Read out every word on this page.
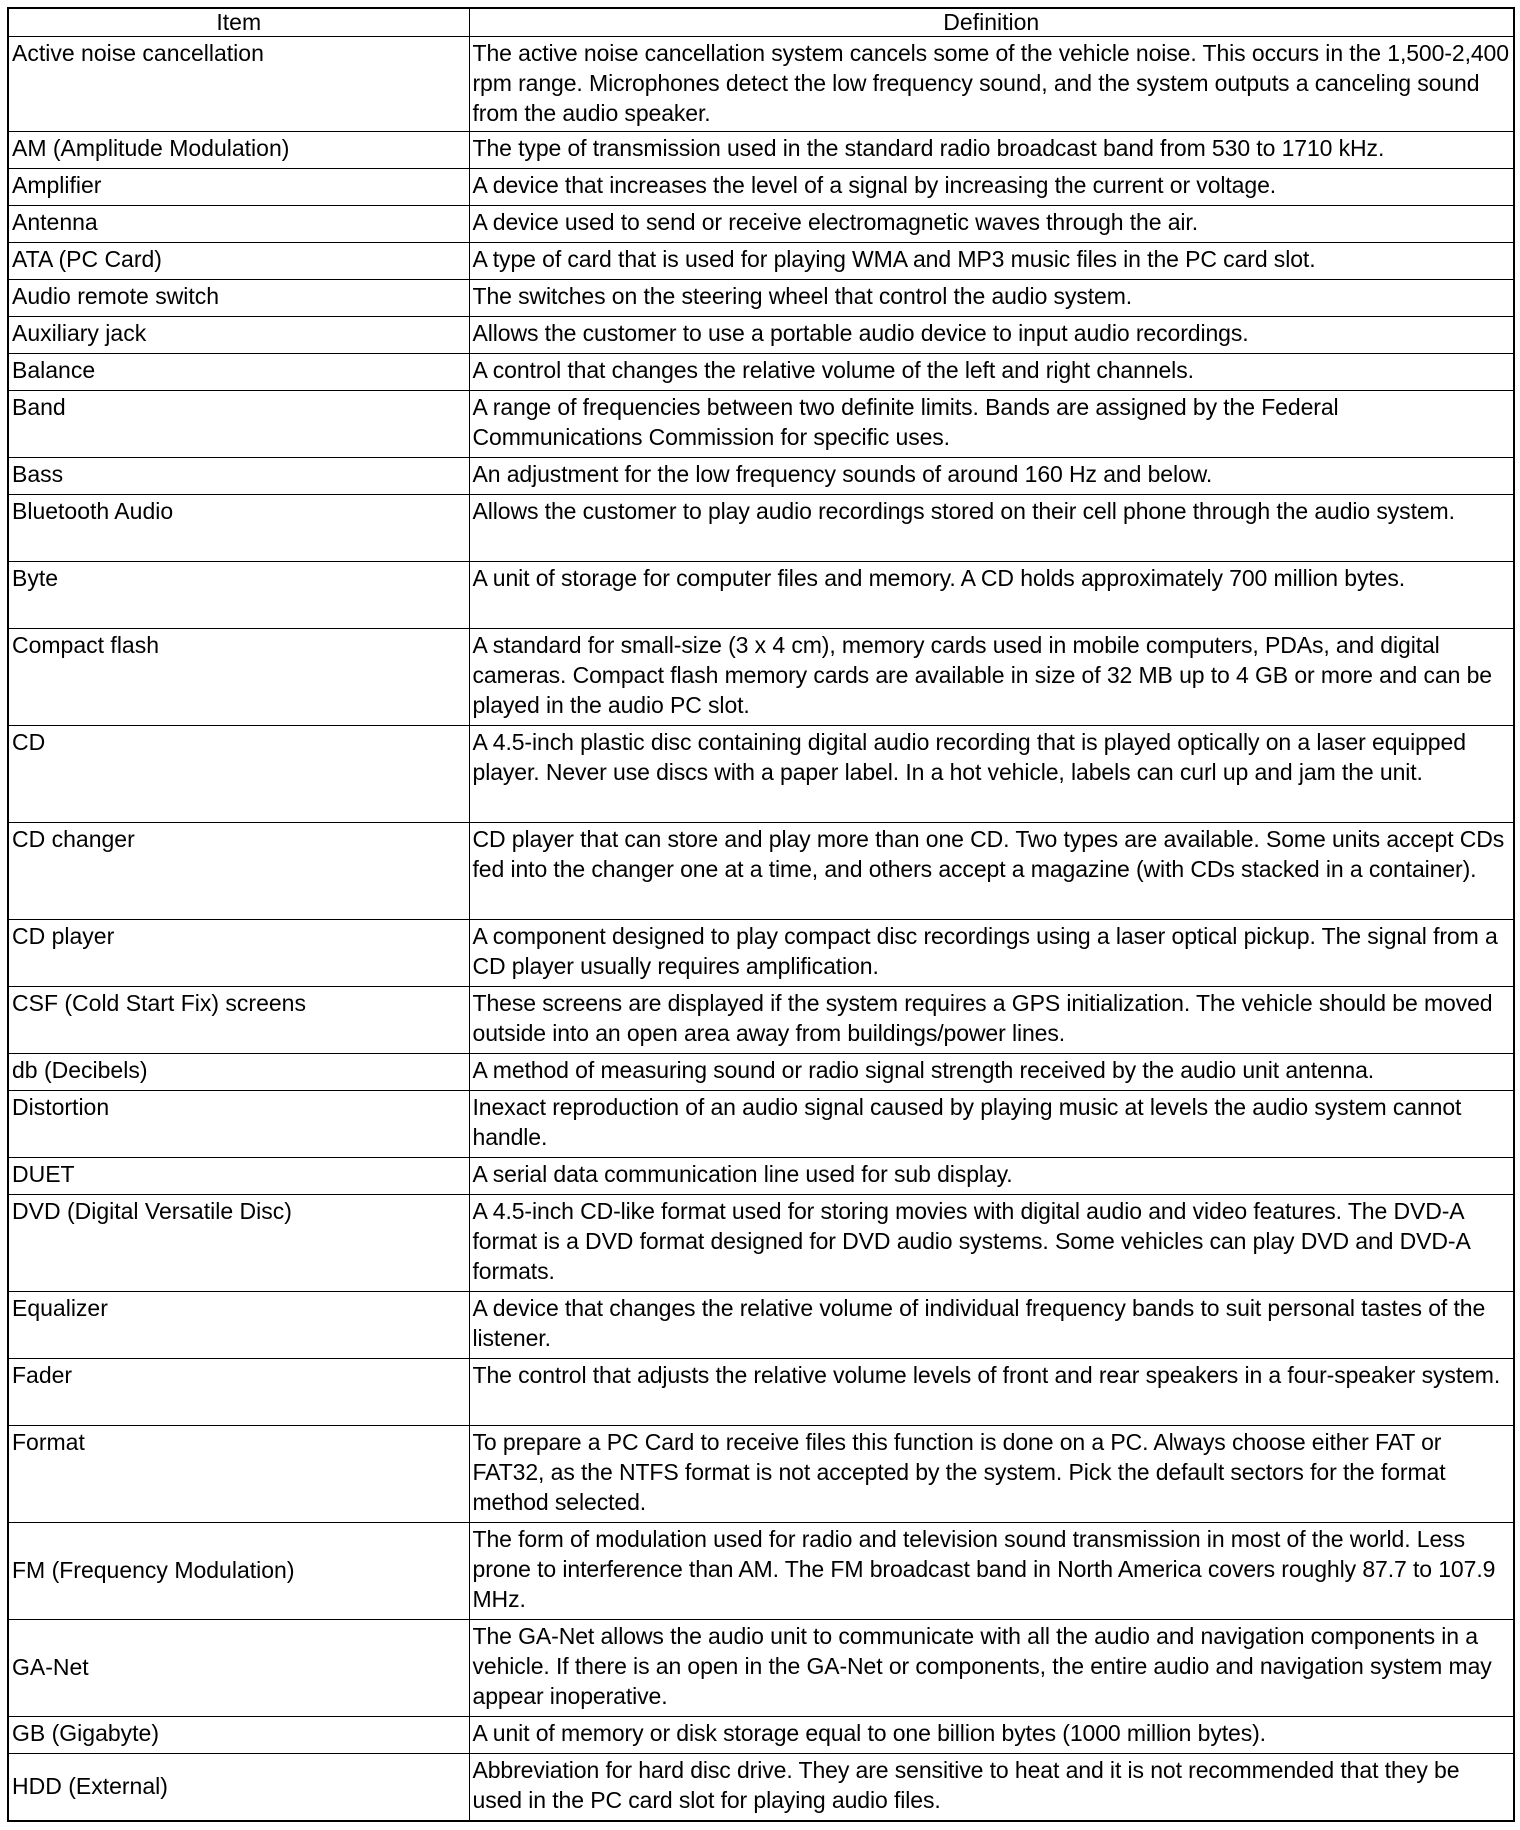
Item	Definition
Active noise cancellation	The active noise cancellation system cancels some of the vehicle noise. This occurs in the 1,500-2,400 rpm range. Microphones detect the low frequency sound, and the system outputs a canceling sound from the audio speaker.
AM (Amplitude Modulation)	The type of transmission used in the standard radio broadcast band from 530 to 1710 kHz.
Amplifier	A device that increases the level of a signal by increasing the current or voltage.
Antenna	A device used to send or receive electromagnetic waves through the air.
ATA (PC Card)	A type of card that is used for playing WMA and MP3 music files in the PC card slot.
Audio remote switch	The switches on the steering wheel that control the audio system.
Auxiliary jack	Allows the customer to use a portable audio device to input audio recordings.
Balance	A control that changes the relative volume of the left and right channels.
Band	A range of frequencies between two definite limits. Bands are assigned by the Federal Communications Commission for specific uses.
Bass	An adjustment for the low frequency sounds of around 160 Hz and below.
Bluetooth Audio	Allows the customer to play audio recordings stored on their cell phone through the audio system.
Byte	A unit of storage for computer files and memory. A CD holds approximately 700 million bytes.
Compact flash	A standard for small-size (3 x 4 cm), memory cards used in mobile computers, PDAs, and digital cameras. Compact flash memory cards are available in size of 32 MB up to 4 GB or more and can be played in the audio PC slot.
CD	A 4.5-inch plastic disc containing digital audio recording that is played optically on a laser equipped player. Never use discs with a paper label. In a hot vehicle, labels can curl up and jam the unit.
CD changer	CD player that can store and play more than one CD. Two types are available. Some units accept CDs fed into the changer one at a time, and others accept a magazine (with CDs stacked in a container).
CD player	A component designed to play compact disc recordings using a laser optical pickup. The signal from a CD player usually requires amplification.
CSF (Cold Start Fix) screens	These screens are displayed if the system requires a GPS initialization. The vehicle should be moved outside into an open area away from buildings/power lines.
db (Decibels)	A method of measuring sound or radio signal strength received by the audio unit antenna.
Distortion	Inexact reproduction of an audio signal caused by playing music at levels the audio system cannot handle.
DUET	A serial data communication line used for sub display.
DVD (Digital Versatile Disc)	A 4.5-inch CD-like format used for storing movies with digital audio and video features. The DVD-A format is a DVD format designed for DVD audio systems. Some vehicles can play DVD and DVD-A formats.
Equalizer	A device that changes the relative volume of individual frequency bands to suit personal tastes of the listener.
Fader	The control that adjusts the relative volume levels of front and rear speakers in a four-speaker system.
Format	To prepare a PC Card to receive files this function is done on a PC. Always choose either FAT or FAT32, as the NTFS format is not accepted by the system. Pick the default sectors for the format method selected.
FM (Frequency Modulation)	The form of modulation used for radio and television sound transmission in most of the world. Less prone to interference than AM. The FM broadcast band in North America covers roughly 87.7 to 107.9 MHz.
GA-Net	The GA-Net allows the audio unit to communicate with all the audio and navigation components in a vehicle. If there is an open in the GA-Net or components, the entire audio and navigation system may appear inoperative.
GB (Gigabyte)	A unit of memory or disk storage equal to one billion bytes (1000 million bytes).
HDD (External)	Abbreviation for hard disc drive. They are sensitive to heat and it is not recommended that they be used in the PC card slot for playing audio files.
